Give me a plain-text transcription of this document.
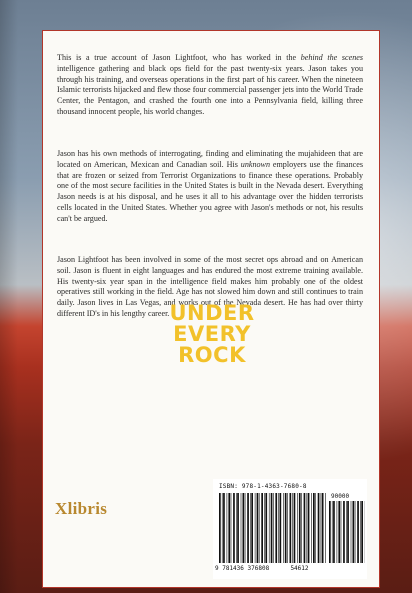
This is a true account of Jason Lightfoot, who has worked in the behind the scenes intelligence gathering and black ops field for the past twenty-six years. Jason takes you through his training, and overseas operations in the first part of his career. When the nineteen Islamic terrorists hijacked and flew those four commercial passenger jets into the World Trade Center, the Pentagon, and crashed the fourth one into a Pennsylvania field, killing three thousand innocent people, his world changes.

Jason has his own methods of interrogating, finding and eliminating the mujahideen that are located on American, Mexican and Canadian soil. His unknown employers use the finances that are frozen or seized from Terrorist Organizations to finance these operations. Probably one of the most secure facilities in the United States is built in the Nevada desert. Everything Jason needs is at his disposal, and he uses it all to his advantage over the hidden terrorists cells located in the United States. Whether you agree with Jason's methods or not, his results can't be argued.

Jason Lightfoot has been involved in some of the most secret ops abroad and on American soil. Jason is fluent in eight languages and has endured the most extreme training available. His twenty-six year span in the intelligence field makes him probably one of the oldest operatives still working in the field. Age has not slowed him down and still continues to train daily. Jason lives in Las Vegas, and works out of the Nevada desert. He has had over thirty different ID's in his lengthy career. UNDER
EVERY
ROCK
Xlibris
ISBN: 978-1-4363-7680-8
90000
9 781436 376808	54612
